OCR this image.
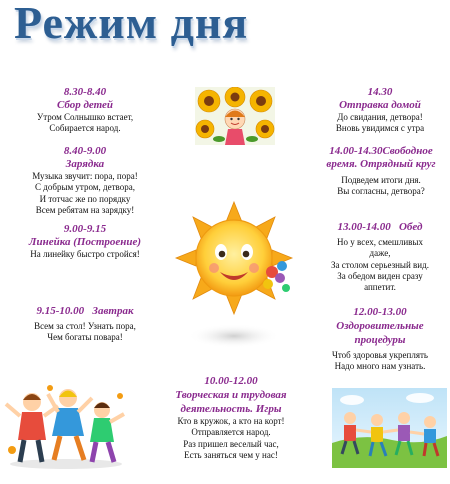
Режим дня
8.30-8.40
Сбор детей
Утром Солнышко встает,
Собирается народ.
8.40-9.00
Зарядка
Музыка звучит: пора, пора!
С добрым утром, детвора,
И тотчас же по порядку
Всем ребятам на зарядку!
9.00-9.15
Линейка (Построение)
На линейку быстро стройся!
9.15-10.00 Завтрак
Всем за стол! Узнать пора,
Чем богаты повара!
10.00-12.00
Творческая и трудовая деятельность. Игры
Кто в кружок, а кто на корт!
Отправляется народ.
Раз пришел веселый час,
Есть заняться чем у нас!
14.30
Отправка домой
До свидания, детвора!
Вновь увидимся с утра
14.00-14.30Свободное время. Отрядный круг
Подведем итоги дня.
Вы согласны, детвора?
13.00-14.00 Обед
Но у всех, смешливых
даже,
За столом серьезный вид.
За обедом виден сразу
аппетит.
12.00-13.00
Оздоровительные процедуры
Чтоб здоровья укреплять
Надо много нам узнать.
